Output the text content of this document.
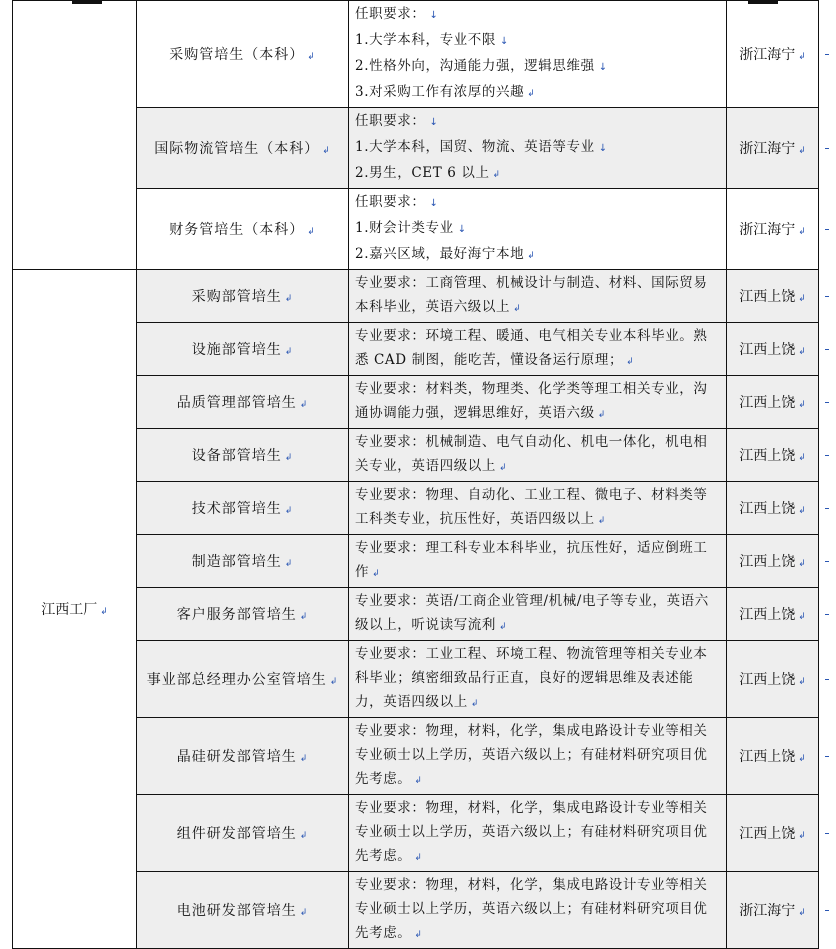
	采购管培生（本科） ↲	任职要求： ↓
1.大学本科，专业不限 ↓
2.性格外向，沟通能力强，逻辑思维强 ↓
3.对采购工作有浓厚的兴趣 ↲	浙江海宁 ↲	

	国际物流管培生（本科） ↲	任职要求： ↓
1.大学本科，国贸、物流、英语等专业 ↓
2.男生，CET 6 以上 ↲	浙江海宁 ↲	

	财务管培生（本科） ↲	任职要求： ↓
1.财会计类专业 ↓
2.嘉兴区域，最好海宁本地 ↲	浙江海宁 ↲	

江西工厂 ↲	采购部管培生 ↲	专业要求：工商管理、机械设计与制造、材料、国际贸易本科毕业，英语六级以上 ↲	江西上饶 ↲	

	设施部管培生 ↲	专业要求：环境工程、暖通、电气相关专业本科毕业。熟悉 CAD 制图，能吃苦，懂设备运行原理； ↲	江西上饶 ↲	

	品质管理部管培生 ↲	专业要求：材料类，物理类、化学类等理工相关专业，沟通协调能力强，逻辑思维好，英语六级 ↲	江西上饶 ↲	

	设备部管培生 ↲	专业要求：机械制造、电气自动化、机电一体化，机电相关专业，英语四级以上 ↲	江西上饶 ↲	

	技术部管培生 ↲	专业要求：物理、自动化、工业工程、微电子、材料类等工科类专业，抗压性好，英语四级以上 ↲	江西上饶 ↲	

	制造部管培生 ↲	专业要求：理工科专业本科毕业，抗压性好，适应倒班工作 ↲	江西上饶 ↲	

	客户服务部管培生 ↲	专业要求：英语/工商企业管理/机械/电子等专业，英语六级以上，听说读写流利 ↲	江西上饶 ↲	

	事业部总经理办公室管培生 ↲	专业要求：工业工程、环境工程、物流管理等相关专业本科毕业；缜密细致品行正直，良好的逻辑思维及表述能力，英语四级以上 ↲	江西上饶 ↲	

	晶硅研发部管培生 ↲	专业要求：物理，材料，化学，集成电路设计专业等相关专业硕士以上学历，英语六级以上；有硅材料研究项目优先考虑。 ↲	江西上饶 ↲	

	组件研发部管培生 ↲	专业要求：物理，材料，化学，集成电路设计专业等相关专业硕士以上学历，英语六级以上；有硅材料研究项目优先考虑。 ↲	江西上饶 ↲	

	电池研发部管培生 ↲	专业要求：物理，材料，化学，集成电路设计专业等相关专业硕士以上学历，英语六级以上；有硅材料研究项目优先考虑。 ↲	浙江海宁 ↲	
